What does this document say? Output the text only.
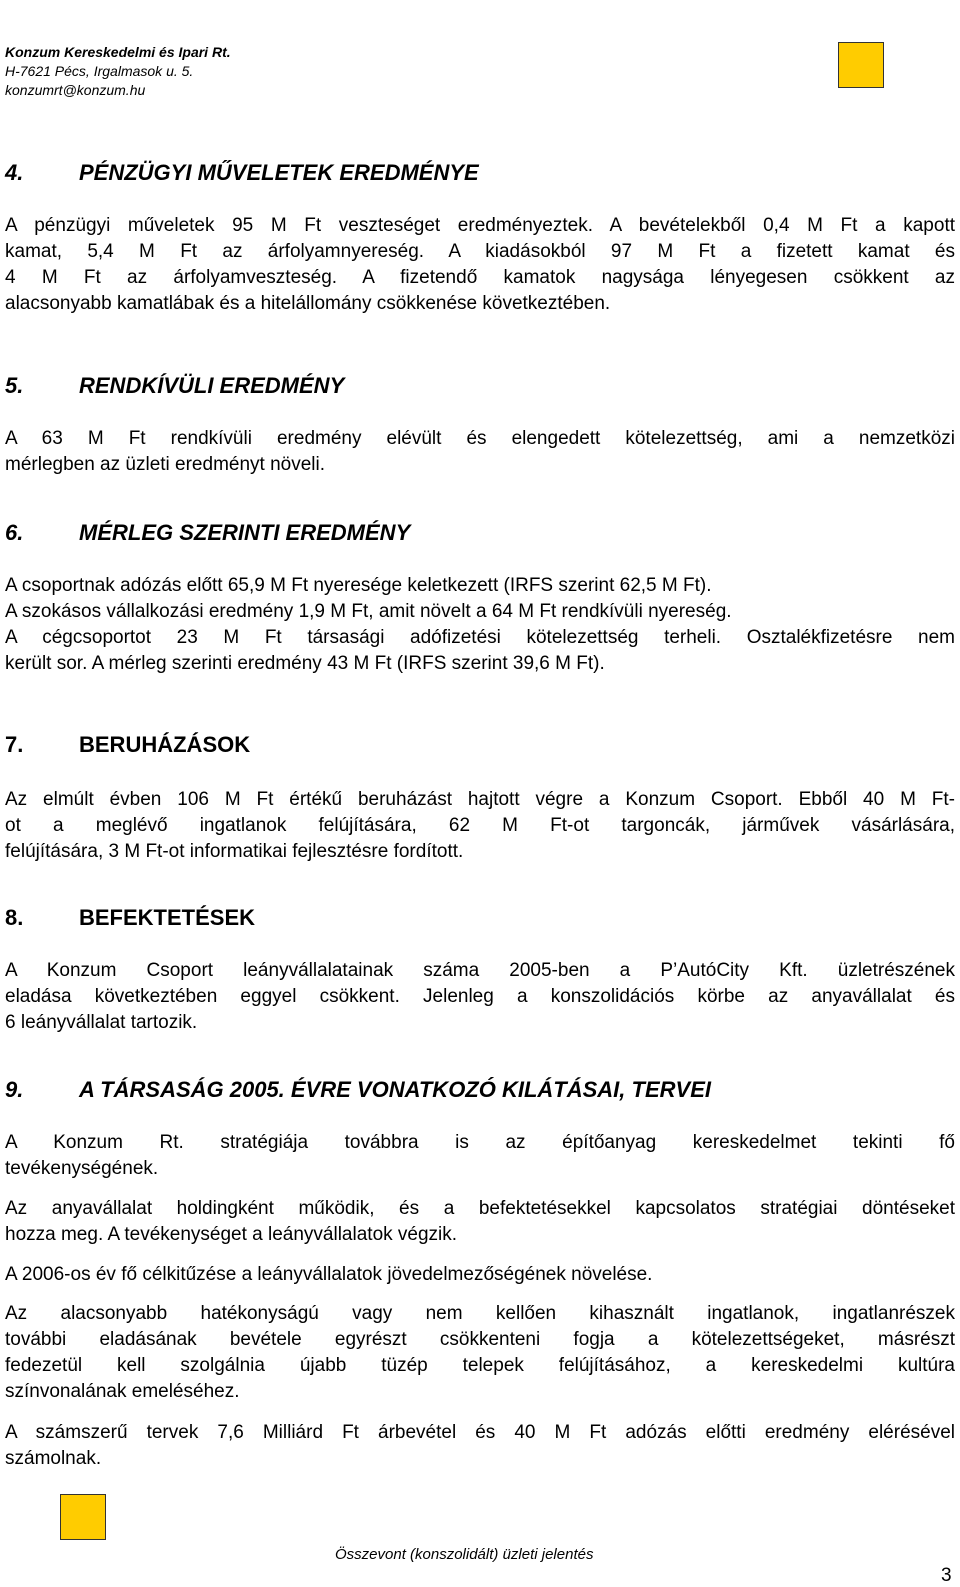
Konzum Kereskedelmi és Ipari Rt.
H-7621 Pécs, Irgalmasok u. 5.
konzumrt@konzum.hu
4.	PÉNZÜGYI MŰVELETEK EREDMÉNYE
A pénzügyi műveletek 95 M Ft veszteséget eredményeztek. A bevételekből 0,4 M Ft a kapott
kamat, 5,4 M Ft az árfolyamnyereség. A kiadásokból 97 M Ft a fizetett kamat és
4 M Ft az árfolyamveszteség. A fizetendő kamatok nagysága lényegesen csökkent az
alacsonyabb kamatlábak és a hitelállomány csökkenése következtében.
5.	RENDKÍVÜLI EREDMÉNY
A 63 M Ft rendkívüli eredmény elévült és elengedett kötelezettség, ami a nemzetközi
mérlegben az üzleti eredményt növeli.
6.	MÉRLEG SZERINTI EREDMÉNY
A csoportnak adózás előtt 65,9 M Ft nyeresége keletkezett (IRFS szerint 62,5 M Ft).
A szokásos vállalkozási eredmény 1,9 M Ft, amit növelt a 64 M Ft rendkívüli nyereség.
A cégcsoportot 23 M Ft társasági adófizetési kötelezettség terheli. Osztalékfizetésre nem
került sor. A mérleg szerinti eredmény 43 M Ft (IRFS szerint 39,6 M Ft).
7.	BERUHÁZÁSOK
Az elmúlt évben 106 M Ft értékű beruházást hajtott végre a Konzum Csoport. Ebből 40 M Ft-
ot a meglévő ingatlanok felújítására, 62 M Ft-ot targoncák, járművek vásárlására,
felújítására, 3 M Ft-ot informatikai fejlesztésre fordított.
8.	BEFEKTETÉSEK
A Konzum Csoport leányvállalatainak száma 2005-ben a P’AutóCity Kft. üzletrészének
eladása következtében eggyel csökkent. Jelenleg a konszolidációs körbe az anyavállalat és
6 leányvállalat tartozik.
9.	A TÁRSASÁG 2005. ÉVRE VONATKOZÓ KILÁTÁSAI, TERVEI
A Konzum Rt. stratégiája továbbra is az építőanyag kereskedelmet tekinti fő
tevékenységének.
Az anyavállalat holdingként működik, és a befektetésekkel kapcsolatos stratégiai döntéseket
hozza meg. A tevékenységet a leányvállalatok végzik.
A 2006-os év fő célkitűzése a leányvállalatok jövedelmezőségének növelése.
Az alacsonyabb hatékonyságú vagy nem kellően kihasznált ingatlanok, ingatlanrészek
további eladásának bevétele egyrészt csökkenteni fogja a kötelezettségeket, másrészt
fedezetül kell szolgálnia újabb tüzép telepek felújításához, a kereskedelmi kultúra
színvonalának emeléséhez.
A számszerű tervek 7,6 Milliárd Ft árbevétel és 40 M Ft adózás előtti eredmény elérésével
számolnak.
Összevont (konszolidált) üzleti jelentés
3
